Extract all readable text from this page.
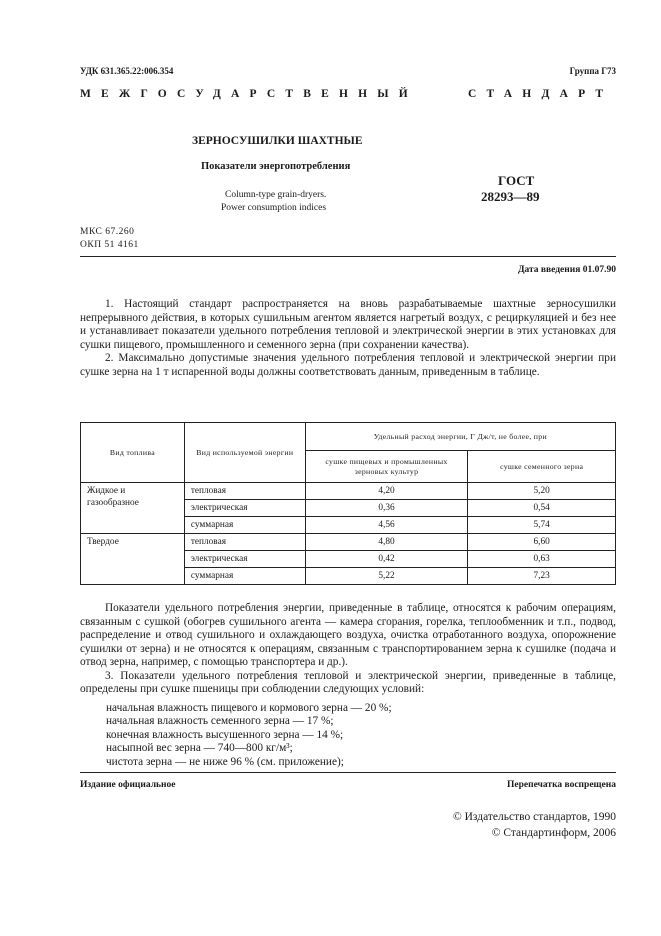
УДК 631.365.22:006.354	Группа Г73
МЕЖГОСУДАРСТВЕННЫЙ	СТАНДАРТ
ЗЕРНОСУШИЛКИ ШАХТНЫЕ
Показатели энергопотребления
Column-type grain-dryers.
Power consumption indices
ГОСТ
28293—89
МКС 67.260
ОКП 51 4161
Дата введения 01.07.90

1. Настоящий стандарт распространяется на вновь разрабатываемые шахтные зерносушилки непрерывного действия, в которых сушильным агентом является нагретый воздух, с рециркуляцией и без нее и устанавливает показатели удельного потребления тепловой и электрической энергии в этих установках для сушки пищевого, промышленного и семенного зерна (при сохранении качества).

2. Максимально допустимые значения удельного потребления тепловой и электрической энергии при сушке зерна на 1 т испаренной воды должны соответствовать данным, приведенным в таблице.

Вид топлива	Вид используемой энергии	Удельный расход энергии, Г Дж/т, не более, при	
		сушке пищевых и промышленных зерновых культур	сушке семенного зерна
Жидкое и газообразное	тепловая	4,20	5,20
	электрическая	0,36	0,54
	суммарная	4,56	5,74
Твердое	тепловая	4,80	6,60
	электрическая	0,42	0,63
	суммарная	5,22	7,23

Показатели удельного потребления энергии, приведенные в таблице, относятся к рабочим операциям, связанным с сушкой (обогрев сушильного агента — камера сгорания, горелка, теплообменник и т.п., подвод, распределение и отвод сушильного и охлаждающего воздуха, очистка отработанного воздуха, опорожнение сушилки от зерна) и не относятся к операциям, связанным с транспортированием зерна к сушилке (подача и отвод зерна, например, с помощью транспортера и др.).

3. Показатели удельного потребления тепловой и электрической энергии, приведенные в таблице, определены при сушке пшеницы при соблюдении следующих условий:

начальная влажность пищевого и кормового зерна — 20 %;
начальная влажность семенного зерна — 17 %;
конечная влажность высушенного зерна — 14 %;
насыпной вес зерна — 740—800 кг/м³;
чистота зерна — не ниже 96 % (см. приложение);
Издание официальное	Перепечатка воспрещена
© Издательство стандартов, 1990
© Стандартинформ, 2006
